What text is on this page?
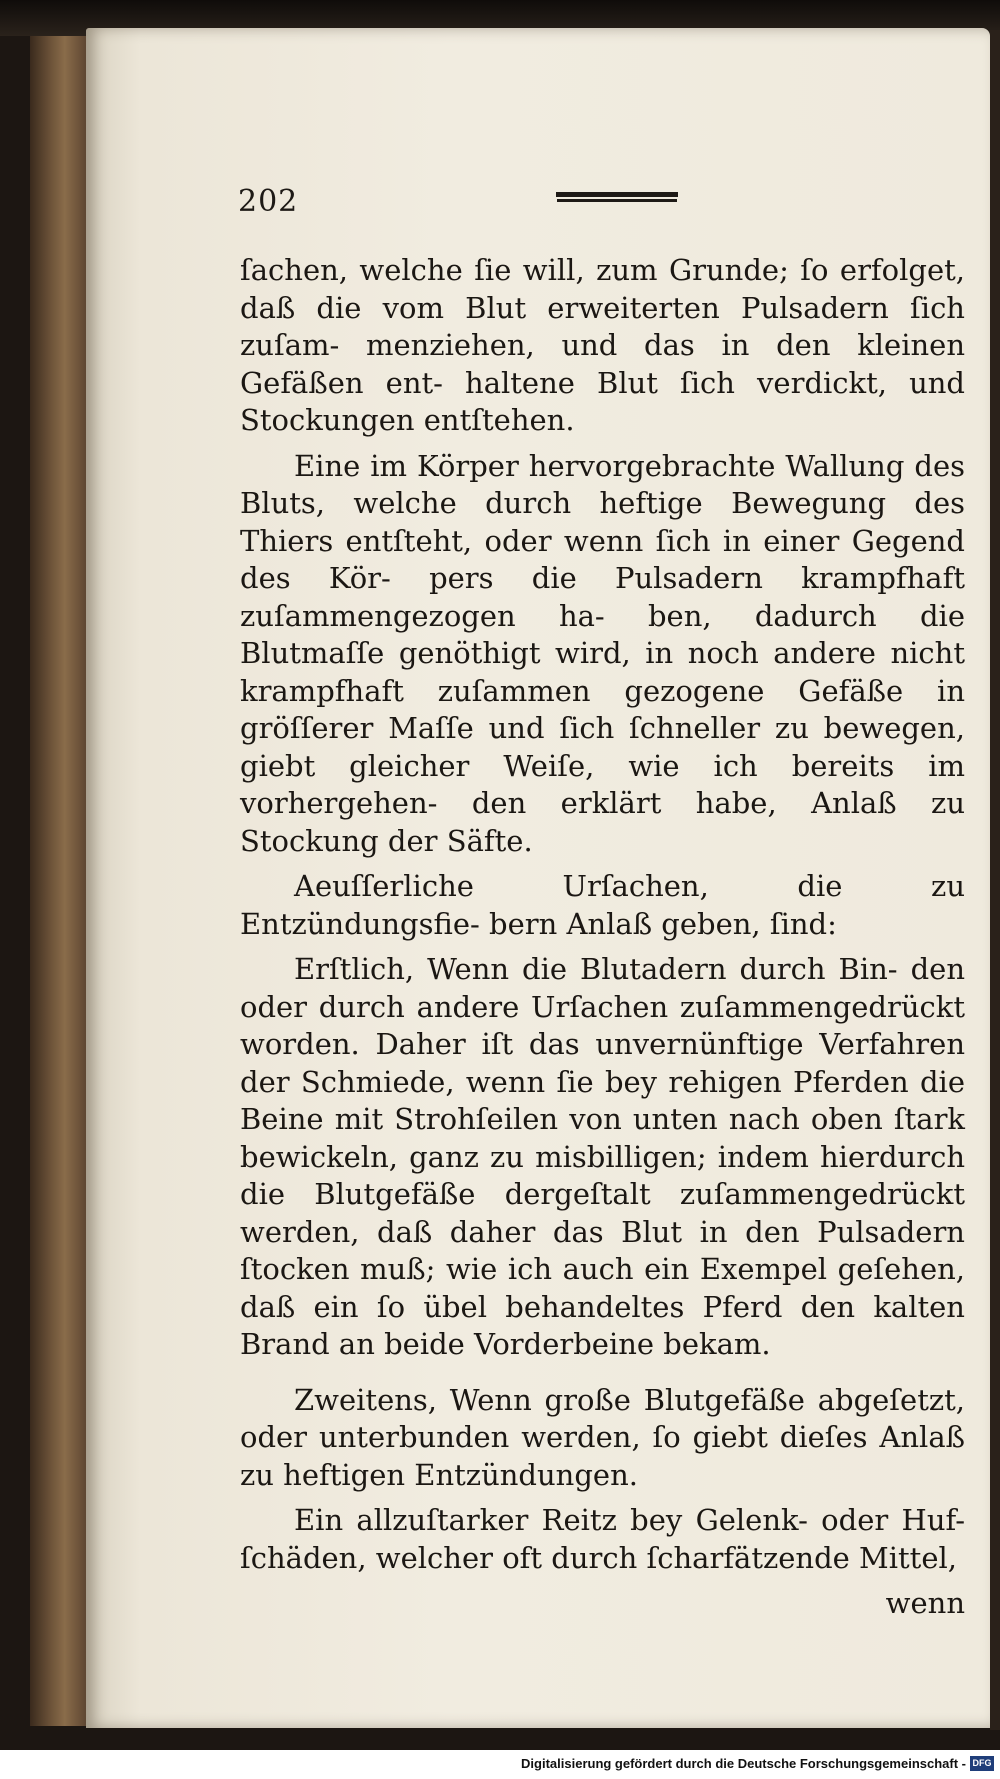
202

ſachen, welche ſie will, zum Grunde; ſo erfolget, daß die vom Blut erweiterten Pulsadern ſich zuſam- menziehen, und das in den kleinen Gefäßen ent- haltene Blut ſich verdickt, und Stockungen entſtehen.

Eine im Körper hervorgebrachte Wallung des Bluts, welche durch heftige Bewegung des Thiers entſteht, oder wenn ſich in einer Gegend des Kör- pers die Pulsadern krampfhaft zuſammengezogen ha- ben, dadurch die Blutmaſſe genöthigt wird, in noch andere nicht krampfhaft zuſammen gezogene Gefäße in gröſſerer Maſſe und ſich ſchneller zu bewegen, giebt gleicher Weiſe, wie ich bereits im vorhergehen- den erklärt habe, Anlaß zu Stockung der Säfte.

Aeuſſerliche Urſachen, die zu Entzündungsfie- bern Anlaß geben, ſind:

Erſtlich, Wenn die Blutadern durch Bin- den oder durch andere Urſachen zuſammengedrückt worden. Daher iſt das unvernünftige Verfahren der Schmiede, wenn ſie bey rehigen Pferden die Beine mit Strohſeilen von unten nach oben ſtark bewickeln, ganz zu misbilligen; indem hierdurch die Blutgefäße dergeſtalt zuſammengedrückt werden, daß daher das Blut in den Pulsadern ſtocken muß; wie ich auch ein Exempel geſehen, daß ein ſo übel behandeltes Pferd den kalten Brand an beide Vorderbeine bekam.

Zweitens, Wenn große Blutgefäße abgeſetzt, oder unterbunden werden, ſo giebt dieſes Anlaß zu heftigen Entzündungen.

Ein allzuſtarker Reitz bey Gelenk- oder Huf- ſchäden, welcher oft durch ſcharfätzende Mittel,

wenn

Digitalisierung gefördert durch die Deutsche Forschungsgemeinschaft - DFG
